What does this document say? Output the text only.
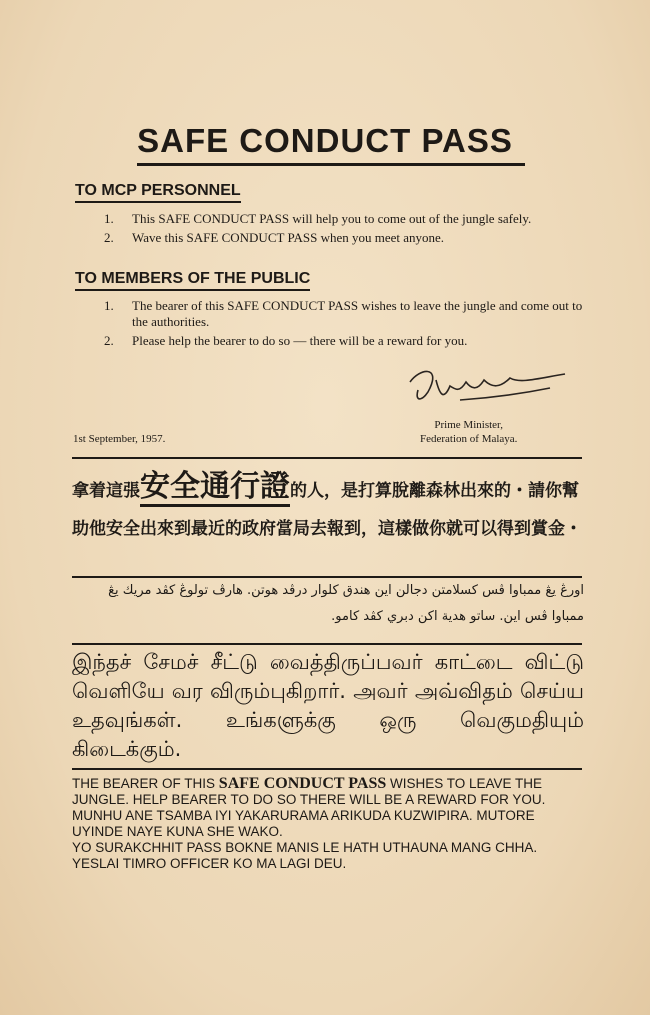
SAFE CONDUCT PASS
TO MCP PERSONNEL
1. This SAFE CONDUCT PASS will help you to come out of the jungle safely.
2. Wave this SAFE CONDUCT PASS when you meet anyone.
TO MEMBERS OF THE PUBLIC
1. The bearer of this SAFE CONDUCT PASS wishes to leave the jungle and come out to the authorities.
2. Please help the bearer to do so — there will be a reward for you.
Prime Minister,
Federation of Malaya.
1st September, 1957.
拿着這張安全通行證的人，是打算脫離森林出來的・請你幫助他安全出來到最近的政府當局去報到，這樣做你就可以得到賞金・
اورڠ يڠ ممباوا ڤس كسلامتن دجالن اين هندق كلوار درڤد هوتن. هارڤ تولوڠ كڤد مريك يڠ ممباوا ڤس اين. ساتو هدية اكن دبري كڤد كامو.
இந்தச் சேமச் சீட்டு வைத்திருப்பவர் காட்டை விட்டு வெளியே வர விரும்புகிறார். அவர் அவ்விதம் செய்ய உதவுங்கள். உங்களுக்கு ஒரு வெகுமதியும் கிடைக்கும்.
THE BEARER OF THIS SAFE CONDUCT PASS WISHES TO LEAVE THE JUNGLE. HELP BEARER TO DO SO THERE WILL BE A REWARD FOR YOU.
MUNHU ANE TSAMBA IYI YAKARURAMA ARIKUDA KUZWIPIRA. MUTORE UYINDE NAYE KUNA SHE WAKO.
YO SURAKCHHIT PASS BOKNE MANIS LE HATH UTHAUNA MANG CHHA. YESLAI TIMRO OFFICER KO MA LAGI DEU.
